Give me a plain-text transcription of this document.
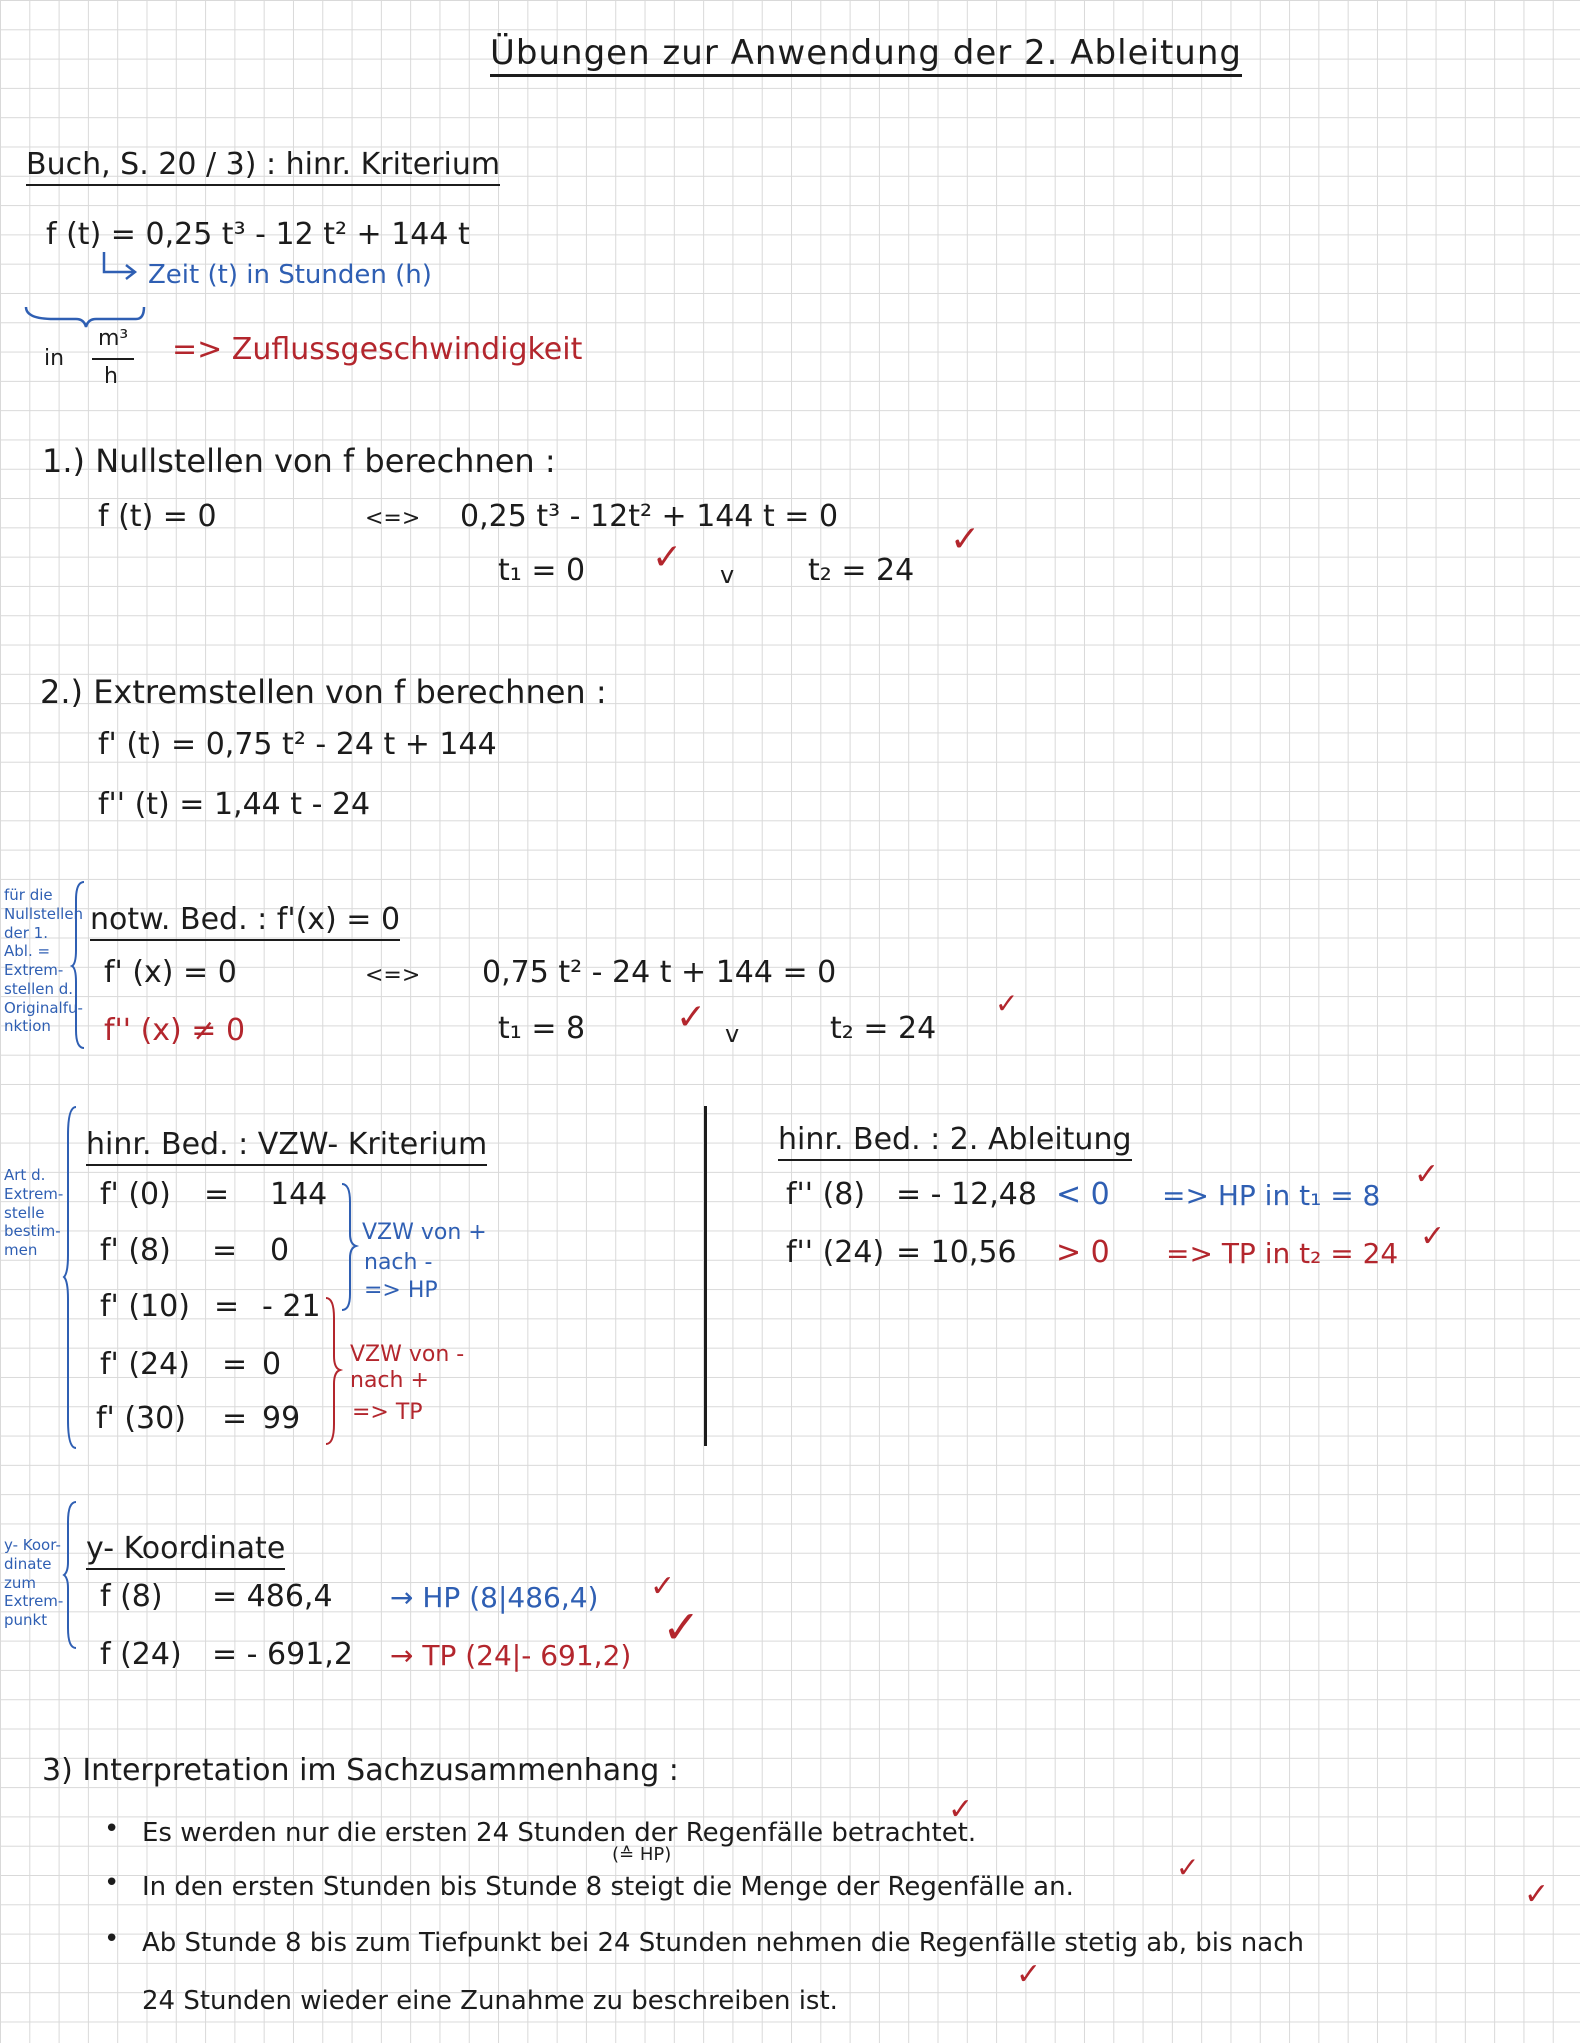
Übungen zur Anwendung der 2. Ableitung
Buch, S. 20 / 3) : hinr. Kriterium
f (t) = 0,25 t³ - 12 t² + 144 t
Zeit (t) in Stunden (h)
in
m³
h
=> Zuflussgeschwindigkeit
1.) Nullstellen von f berechnen :
f (t) = 0	<=> 0,25 t³ - 12t² + 144 t = 0
t₁ = 0 ✓ v t₂ = 24
✓
2.) Extremstellen von f berechnen :
f' (t) = 0,75 t² - 24 t + 144
f'' (t) = 1,44 t - 24
für die Nullstellen der 1. Abl. = Extrem-stellen d. Originalfu-nktion
notw. Bed. : f'(x) = 0
f' (x) = 0	<=> 0,75 t² - 24 t + 144 = 0
f'' (x) ≠ 0	t₁ = 8	✓ v	t₂ = 24
✓
Art d. Extrem-stelle bestim-men
hinr. Bed. : VZW- Kriterium
f' (0) = 144
f' (8) = 0
f' (10) = - 21
f' (24) = 0
f' (30) = 99
VZW von +
nach -
=> HP
VZW von -
nach +
=> TP
hinr. Bed. : 2. Ableitung
f'' (8) = - 12,48 < 0 => HP in t₁ = 8
✓
f'' (24) = 10,56 > 0 => TP in t₂ = 24 ✓
y- Koor-dinate zum Extrem-punkt
y- Koordinate
f (8) = 486,4 → HP (8|486,4) ✓
f (24) = - 691,2 → TP (24|- 691,2)
✓
3) Interpretation im Sachzusammenhang :
• Es werden nur die ersten 24 Stunden der Regenfälle betrachtet.
✓
(≙ HP)
• In den ersten Stunden bis Stunde 8 steigt die Menge der Regenfälle an.
✓
• Ab Stunde 8 bis zum Tiefpunkt bei 24 Stunden nehmen die Regenfälle stetig ab, bis nach
✓
24 Stunden wieder eine Zunahme zu beschreiben ist.
✓
